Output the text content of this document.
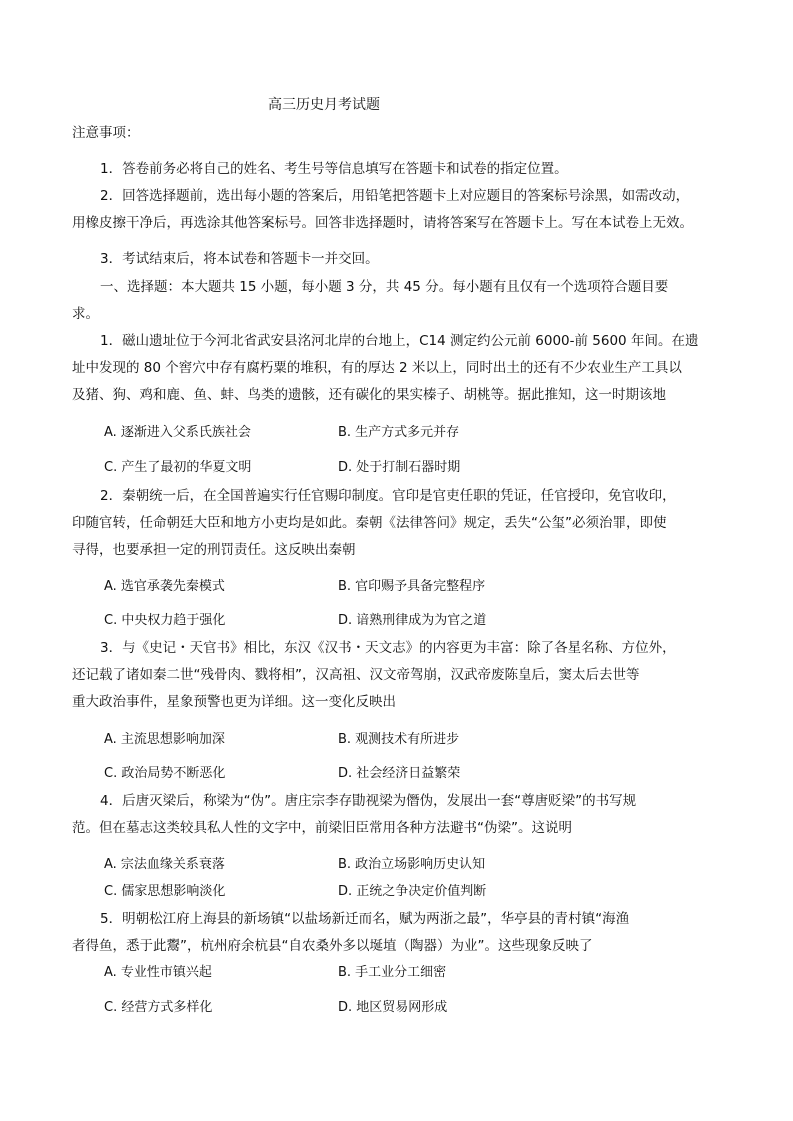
高三历史月考试题
注意事项：
1．答卷前务必将自己的姓名、考生号等信息填写在答题卡和试卷的指定位置。
2．回答选择题前，选出每小题的答案后，用铅笔把答题卡上对应题目的答案标号涂黑，如需改动，
用橡皮擦干净后，再选涂其他答案标号。回答非选择题时，请将答案写在答题卡上。写在本试卷上无效。
3．考试结束后，将本试卷和答题卡一并交回。
一、选择题：本大题共 15 小题，每小题 3 分，共 45 分。每小题有且仅有一个选项符合题目要
求。
1．磁山遗址位于今河北省武安县洺河北岸的台地上，C14 测定约公元前 6000-前 5600 年间。在遗
址中发现的 80 个窖穴中存有腐朽粟的堆积，有的厚达 2 米以上，同时出土的还有不少农业生产工具以
及猪、狗、鸡和鹿、鱼、蚌、鸟类的遗骸，还有碳化的果实榛子、胡桃等。据此推知，这一时期该地
A. 逐渐进入父系氏族社会	B. 生产方式多元并存
C. 产生了最初的华夏文明	D. 处于打制石器时期
2．秦朝统一后，在全国普遍实行任官赐印制度。官印是官吏任职的凭证，任官授印，免官收印，
印随官转，任命朝廷大臣和地方小吏均是如此。秦朝《法律答问》规定，丢失“公玺”必须治罪，即使
寻得，也要承担一定的刑罚责任。这反映出秦朝
A. 选官承袭先秦模式	B. 官印赐予具备完整程序
C. 中央权力趋于强化	D. 谙熟刑律成为为官之道
3．与《史记・天官书》相比，东汉《汉书・天文志》的内容更为丰富：除了各星名称、方位外，
还记载了诸如秦二世“残骨肉、戮将相”，汉高祖、汉文帝驾崩，汉武帝废陈皇后，窦太后去世等
重大政治事件，星象预警也更为详细。这一变化反映出
A. 主流思想影响加深	B. 观测技术有所进步
C. 政治局势不断恶化	D. 社会经济日益繁荣
4．后唐灭梁后，称梁为“伪”。唐庄宗李存勖视梁为僭伪，发展出一套“尊唐贬梁”的书写规
范。但在墓志这类较具私人性的文字中，前梁旧臣常用各种方法避书“伪梁”。这说明
A. 宗法血缘关系衰落	B. 政治立场影响历史认知
C. 儒家思想影响淡化	D. 正统之争决定价值判断
5．明朝松江府上海县的新场镇“以盐场新迁而名，赋为两浙之最”，华亭县的青村镇“海渔
者得鱼，悉于此鬻”，杭州府余杭县“自农桑外多以埏埴（陶器）为业”。这些现象反映了
A. 专业性市镇兴起	B. 手工业分工细密
C. 经营方式多样化	D. 地区贸易网形成
